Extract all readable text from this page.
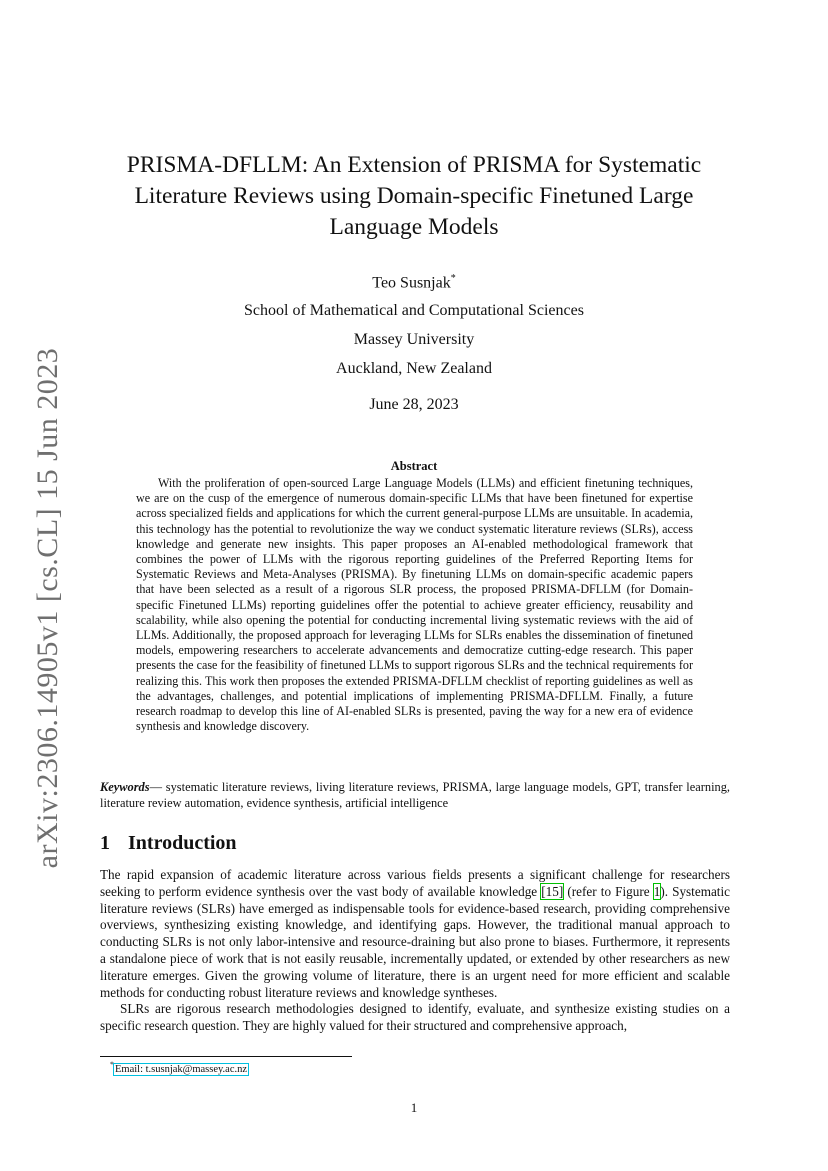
arXiv:2306.14905v1 [cs.CL] 15 Jun 2023
PRISMA-DFLLM: An Extension of PRISMA for Systematic Literature Reviews using Domain-specific Finetuned Large Language Models
Teo Susnjak*
School of Mathematical and Computational Sciences
Massey University
Auckland, New Zealand
June 28, 2023
Abstract
With the proliferation of open-sourced Large Language Models (LLMs) and efficient finetuning techniques, we are on the cusp of the emergence of numerous domain-specific LLMs that have been finetuned for expertise across specialized fields and applications for which the current general-purpose LLMs are unsuitable. In academia, this technology has the potential to revolutionize the way we conduct systematic literature reviews (SLRs), access knowledge and generate new insights. This paper proposes an AI-enabled methodological framework that combines the power of LLMs with the rigorous reporting guidelines of the Preferred Reporting Items for Systematic Reviews and Meta-Analyses (PRISMA). By finetuning LLMs on domain-specific academic papers that have been selected as a result of a rigorous SLR process, the proposed PRISMA-DFLLM (for Domain-specific Finetuned LLMs) reporting guidelines offer the potential to achieve greater efficiency, reusability and scalability, while also opening the potential for conducting incremental living systematic reviews with the aid of LLMs. Additionally, the proposed approach for leveraging LLMs for SLRs enables the dissemination of finetuned models, empowering researchers to accelerate advancements and democratize cutting-edge research. This paper presents the case for the feasibility of finetuned LLMs to support rigorous SLRs and the technical requirements for realizing this. This work then proposes the extended PRISMA-DFLLM checklist of reporting guidelines as well as the advantages, challenges, and potential implications of implementing PRISMA-DFLLM. Finally, a future research roadmap to develop this line of AI-enabled SLRs is presented, paving the way for a new era of evidence synthesis and knowledge discovery.
Keywords— systematic literature reviews, living literature reviews, PRISMA, large language models, GPT, transfer learning, literature review automation, evidence synthesis, artificial intelligence
1 Introduction

The rapid expansion of academic literature across various fields presents a significant challenge for researchers seeking to perform evidence synthesis over the vast body of available knowledge [15] (refer to Figure 1). Systematic literature reviews (SLRs) have emerged as indispensable tools for evidence-based research, providing comprehensive overviews, synthesizing existing knowledge, and identifying gaps. However, the traditional manual approach to conducting SLRs is not only labor-intensive and resource-draining but also prone to biases. Furthermore, it represents a standalone piece of work that is not easily reusable, incrementally updated, or extended by other researchers as new literature emerges. Given the growing volume of literature, there is an urgent need for more efficient and scalable methods for conducting robust literature reviews and knowledge syntheses.

SLRs are rigorous research methodologies designed to identify, evaluate, and synthesize existing studies on a specific research question. They are highly valued for their structured and comprehensive approach,

*Email: t.susnjak@massey.ac.nz
1
